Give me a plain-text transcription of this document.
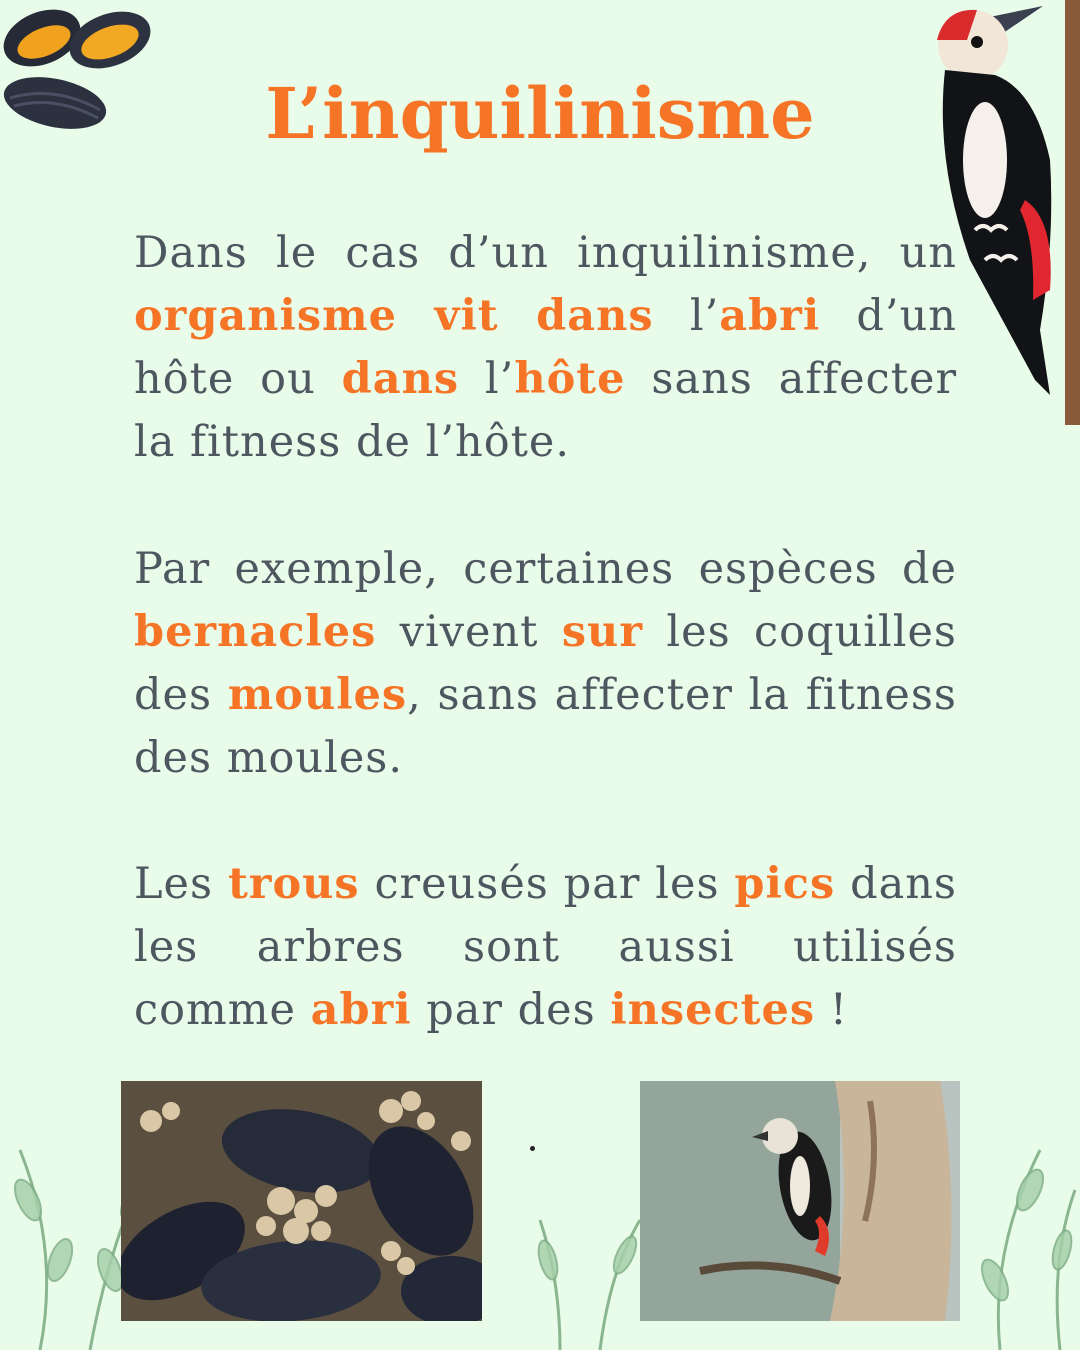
L’inquilinisme

Dans le cas d’un inquilinisme, un organisme vit dans l’abri d’un hôte ou dans l’hôte sans affecter la fitness de l’hôte.

Par exemple, certaines espèces de bernacles vivent sur les coquilles des moules, sans affecter la fitness des moules.

Les trous creusés par les pics dans les arbres sont aussi utilisés comme abri par des insectes !
